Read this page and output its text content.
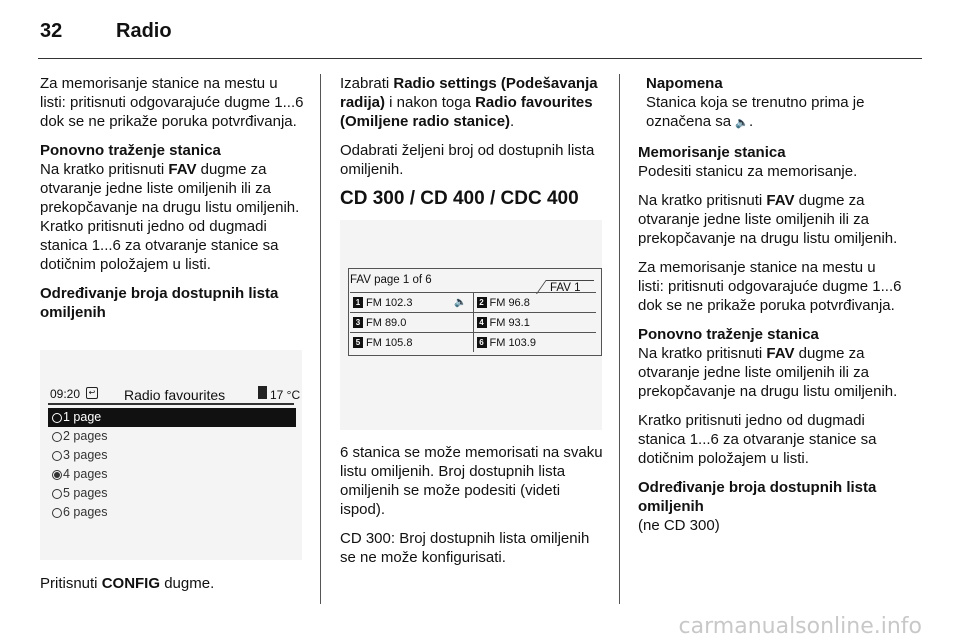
32	Radio

Za memorisanje stanice na mestu u listi: pritisnuti odgovarajuće dugme 1...6 dok se ne prikaže poruka potvrđivanja.

Ponovno traženje stanica

Na kratko pritisnuti FAV dugme za otvaranje jedne liste omiljenih ili za prekopčavanje na drugu listu omiljenih. Kratko pritisnuti jedno od dugmadi stanica 1...6 za otvaranje stanice sa dotičnim položajem u listi.

Određivanje broja dostupnih lista omiljenih

09:20	↩ Radio favourites	17 °C
1 page
2 pages
3 pages
4 pages
5 pages
6 pages

Pritisnuti CONFIG dugme.

Izabrati Radio settings (Podešavanja radija) i nakon toga Radio favourites (Omiljene radio stanice).

Odabrati željeni broj od dostupnih lista omiljenih.

CD 300 / CD 400 / CDC 400
FAV page 1 of 6
FAV 1
1 FM 102.3	🔈	2 FM 96.8
3 FM 89.0	4 FM 93.1
5 FM 105.8	6 FM 103.9

6 stanica se može memorisati na svaku listu omiljenih. Broj dostupnih lista omiljenih se može podesiti (videti ispod).

CD 300: Broj dostupnih lista omiljenih se ne može konfigurisati.

Napomena

Stanica koja se trenutno prima je označena sa 🔈.

Memorisanje stanica

Podesiti stanicu za memorisanje.

Na kratko pritisnuti FAV dugme za otvaranje jedne liste omiljenih ili za prekopčavanje na drugu listu omiljenih.

Za memorisanje stanice na mestu u listi: pritisnuti odgovarajuće dugme 1...6 dok se ne prikaže poruka potvrđivanja.

Ponovno traženje stanica

Na kratko pritisnuti FAV dugme za otvaranje jedne liste omiljenih ili za prekopčavanje na drugu listu omiljenih.

Kratko pritisnuti jedno od dugmadi stanica 1...6 za otvaranje stanice sa dotičnim položajem u listi.

Određivanje broja dostupnih lista omiljenih

(ne CD 300)

carmanualsonline.info
